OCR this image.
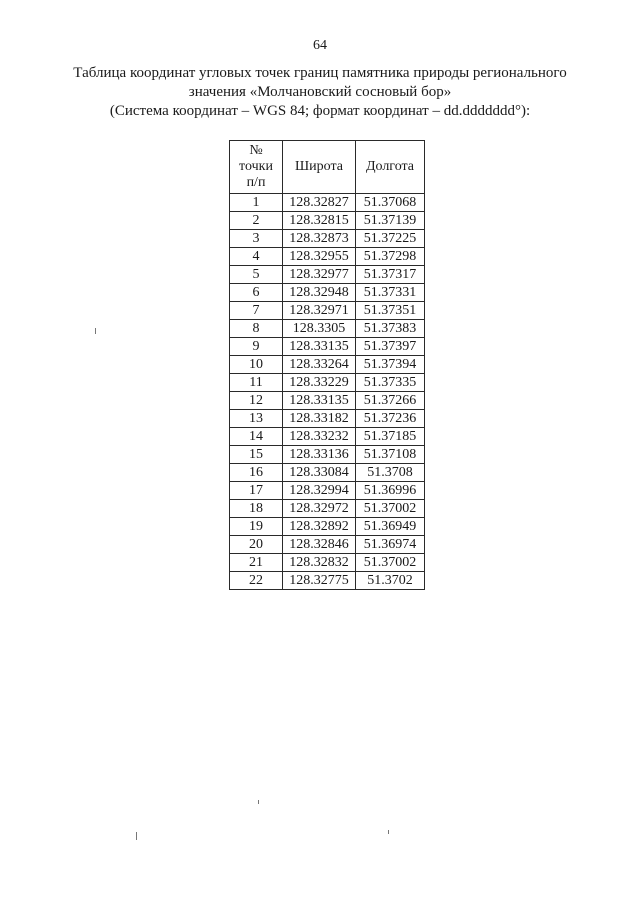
64
Таблица координат угловых точек границ памятника природы регионального
значения «Молчановский сосновый бор»
(Система координат – WGS 84; формат координат – dd.ddddddd°):
№
точки
п/п	Широта	Долгота
1	128.32827	51.37068
2	128.32815	51.37139
3	128.32873	51.37225
4	128.32955	51.37298
5	128.32977	51.37317
6	128.32948	51.37331
7	128.32971	51.37351
8	128.3305	51.37383
9	128.33135	51.37397
10	128.33264	51.37394
11	128.33229	51.37335
12	128.33135	51.37266
13	128.33182	51.37236
14	128.33232	51.37185
15	128.33136	51.37108
16	128.33084	51.3708
17	128.32994	51.36996
18	128.32972	51.37002
19	128.32892	51.36949
20	128.32846	51.36974
21	128.32832	51.37002
22	128.32775	51.3702
